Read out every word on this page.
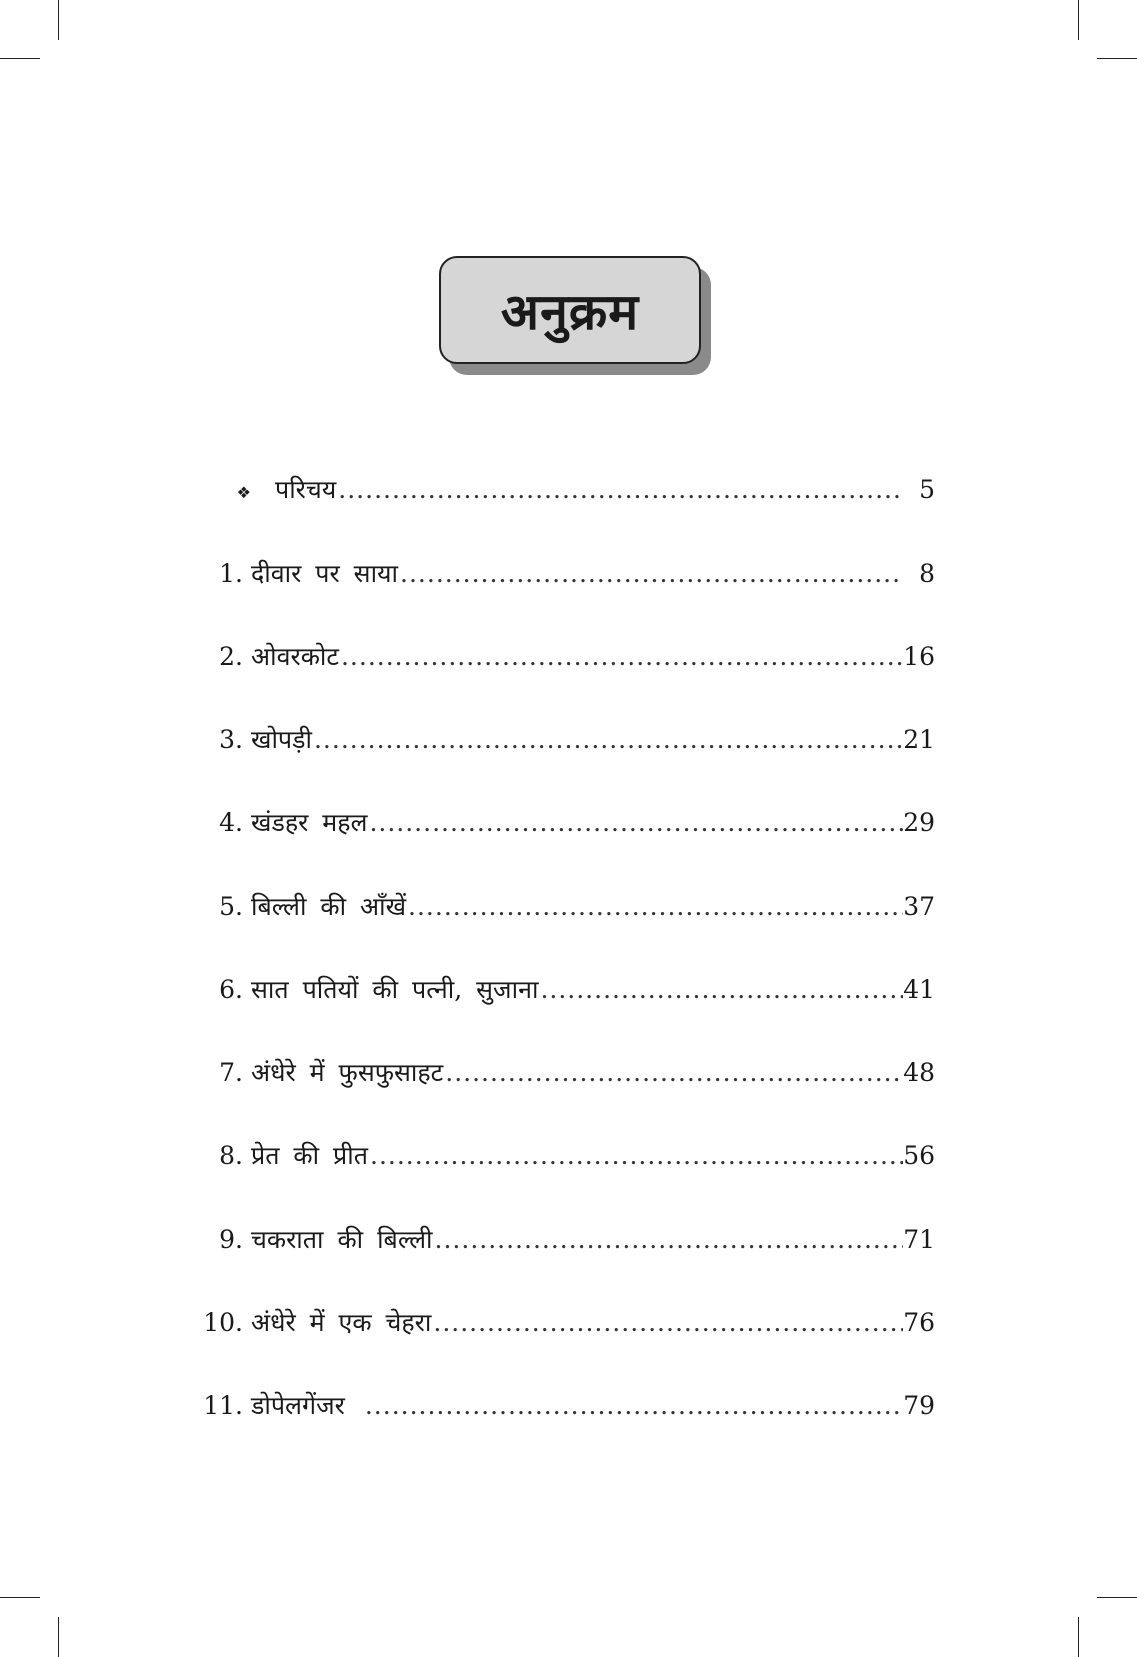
अनुक्रम
❖ परिचय .....	5
1. दीवार पर साया .....	8
2. ओवरकोट .....	16
3. खोपड़ी .....	21
4. खंडहर महल .....	29
5. बिल्ली की आँखें .....	37
6. सात पतियों की पत्नी, सुजाना .....	41
7. अंधेरे में फुसफुसाहट .....	48
8. प्रेत की प्रीत .....	56
9. चकराता की बिल्ली .....	71
10. अंधेरे में एक चेहरा .....	76
11. डोपेलगेंजर .....	79
